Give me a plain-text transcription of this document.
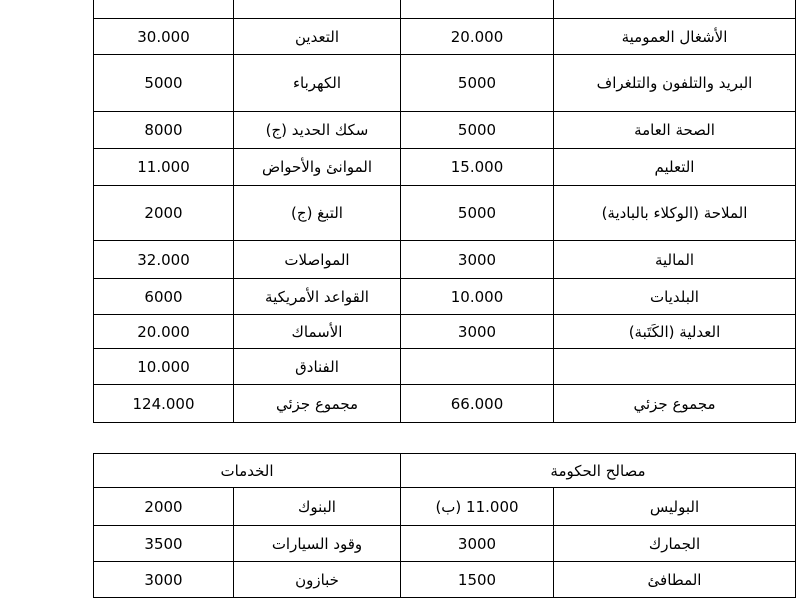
30.000	التعدين	20.000	الأشغال العمومية
5000	الكهرباء	5000	البريد والتلفون والتلغراف
8000	سكك الحديد (ج)	5000	الصحة العامة
11.000	الموانئ والأحواض	15.000	التعليم
2000	التبغ (ج)	5000	الملاحة (الوكلاء بالبادية)
32.000	المواصلات	3000	المالية
6000	القواعد الأمريكية	10.000	البلديات
20.000	الأسماك	3000	العدلية (الكَتَبة)
10.000	الفنادق		
124.000	مجموع جزئي	66.000	مجموع جزئي
الخدمات		مصالح الحكومة	
2000	البنوك	11.000 (ب)	البوليس
3500	وقود السيارات	3000	الجمارك
3000	خبازون	1500	المطافئ
